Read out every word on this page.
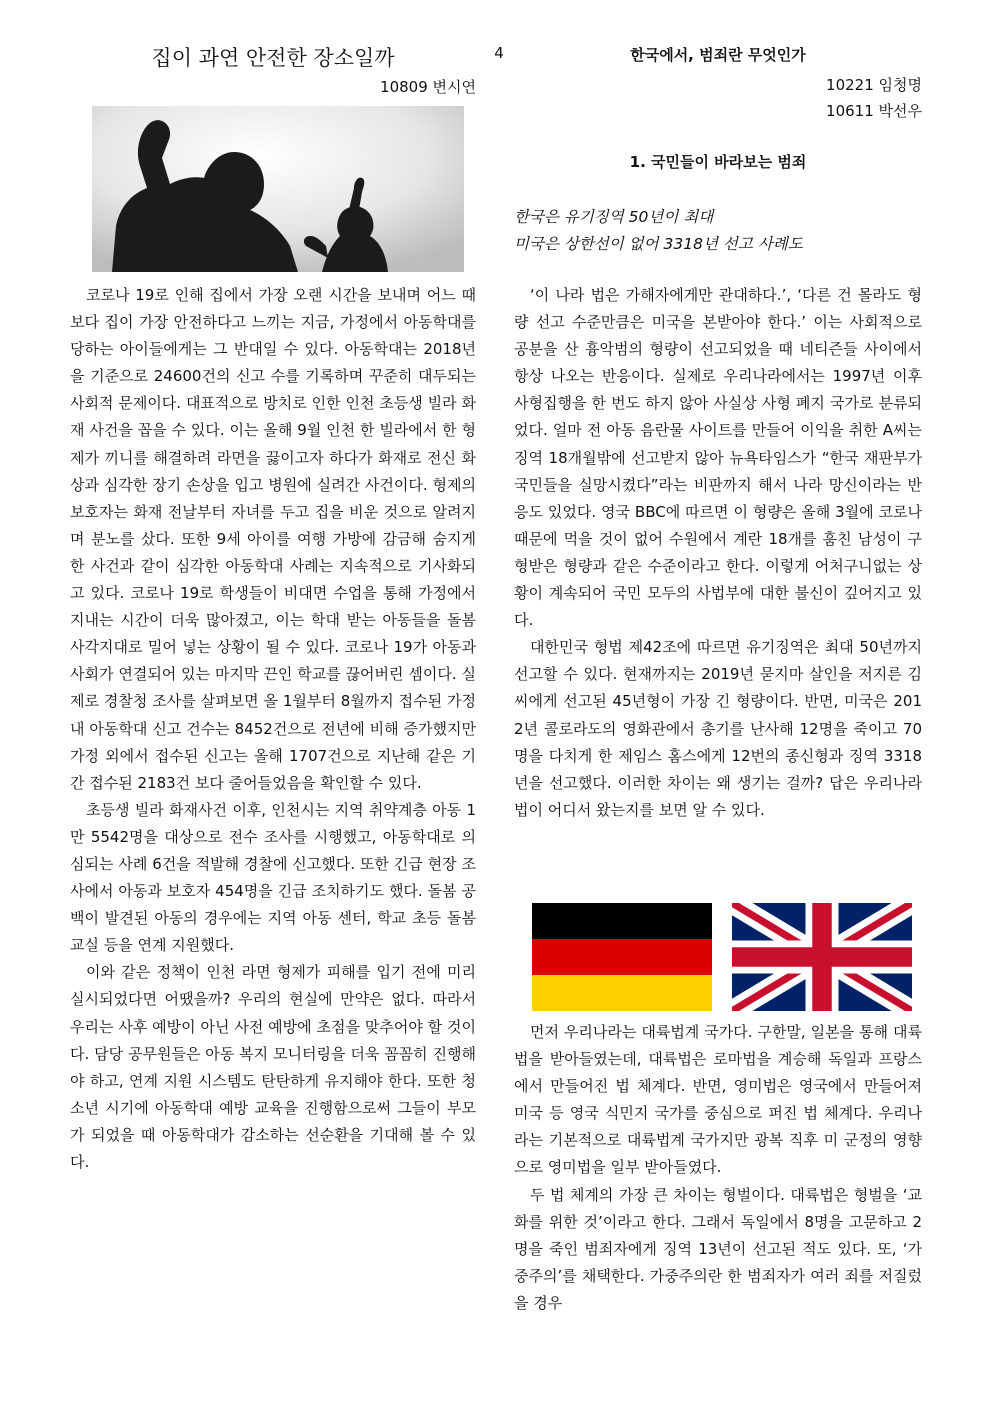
4
집이 과연 안전한 장소일까
10809 변시연

코로나 19로 인해 집에서 가장 오랜 시간을 보내며 어느 때보다 집이 가장 안전하다고 느끼는 지금, 가정에서 아동학대를 당하는 아이들에게는 그 반대일 수 있다. 아동학대는 2018년을 기준으로 24600건의 신고 수를 기록하며 꾸준히 대두되는 사회적 문제이다. 대표적으로 방치로 인한 인천 초등생 빌라 화재 사건을 꼽을 수 있다. 이는 올해 9월 인천 한 빌라에서 한 형제가 끼니를 해결하려 라면을 끓이고자 하다가 화재로 전신 화상과 심각한 장기 손상을 입고 병원에 실려간 사건이다. 형제의 보호자는 화재 전날부터 자녀를 두고 집을 비운 것으로 알려지며 분노를 샀다. 또한 9세 아이를 여행 가방에 감금해 숨지게 한 사건과 같이 심각한 아동학대 사례는 지속적으로 기사화되고 있다. 코로나 19로 학생들이 비대면 수업을 통해 가정에서 지내는 시간이 더욱 많아졌고, 이는 학대 받는 아동들을 돌봄 사각지대로 밀어 넣는 상황이 될 수 있다. 코로나 19가 아동과 사회가 연결되어 있는 마지막 끈인 학교를 끊어버린 셈이다. 실제로 경찰청 조사를 살펴보면 올 1월부터 8월까지 접수된 가정 내 아동학대 신고 건수는 8452건으로 전년에 비해 증가했지만 가정 외에서 접수된 신고는 올해 1707건으로 지난해 같은 기간 접수된 2183건 보다 줄어들었음을 확인할 수 있다.

초등생 빌라 화재사건 이후, 인천시는 지역 취약계층 아동 1만 5542명을 대상으로 전수 조사를 시행했고, 아동학대로 의심되는 사례 6건을 적발해 경찰에 신고했다. 또한 긴급 현장 조사에서 아동과 보호자 454명을 긴급 조치하기도 했다. 돌봄 공백이 발견된 아동의 경우에는 지역 아동 센터, 학교 초등 돌봄 교실 등을 연계 지원했다.

이와 같은 정책이 인천 라면 형제가 피해를 입기 전에 미리 실시되었다면 어땠을까? 우리의 현실에 만약은 없다. 따라서 우리는 사후 예방이 아닌 사전 예방에 초점을 맞추어야 할 것이다. 담당 공무원들은 아동 복지 모니터링을 더욱 꼼꼼히 진행해야 하고, 연계 지원 시스템도 탄탄하게 유지해야 한다. 또한 청소년 시기에 아동학대 예방 교육을 진행함으로써 그들이 부모가 되었을 때 아동학대가 감소하는 선순환을 기대해 볼 수 있다.

한국에서, 범죄란 무엇인가
10221 임청명
10611 박선우
1. 국민들이 바라보는 범죄
한국은 유기징역 50년이 최대
미국은 상한선이 없어 3318년 선고 사례도

‘이 나라 법은 가해자에게만 관대하다.’, ‘다른 건 몰라도 형량 선고 수준만큼은 미국을 본받아야 한다.’ 이는 사회적으로 공분을 산 흉악범의 형량이 선고되었을 때 네티즌들 사이에서 항상 나오는 반응이다. 실제로 우리나라에서는 1997년 이후 사형집행을 한 번도 하지 않아 사실상 사형 폐지 국가로 분류되었다. 얼마 전 아동 음란물 사이트를 만들어 이익을 취한 A씨는 징역 18개월밖에 선고받지 않아 뉴욕타임스가 “한국 재판부가 국민들을 실망시켰다”라는 비판까지 해서 나라 망신이라는 반응도 있었다. 영국 BBC에 따르면 이 형량은 올해 3월에 코로나 때문에 먹을 것이 없어 수원에서 계란 18개를 훔친 남성이 구형받은 형량과 같은 수준이라고 한다. 이렇게 어처구니없는 상황이 계속되어 국민 모두의 사법부에 대한 불신이 깊어지고 있다.

대한민국 형법 제42조에 따르면 유기징역은 최대 50년까지 선고할 수 있다. 현재까지는 2019년 묻지마 살인을 저지른 김씨에게 선고된 45년형이 가장 긴 형량이다. 반면, 미국은 2012년 콜로라도의 영화관에서 총기를 난사해 12명을 죽이고 70명을 다치게 한 제임스 홈스에게 12번의 종신형과 징역 3318년을 선고했다. 이러한 차이는 왜 생기는 걸까? 답은 우리나라 법이 어디서 왔는지를 보면 알 수 있다.

먼저 우리나라는 대륙법계 국가다. 구한말, 일본을 통해 대륙법을 받아들였는데, 대륙법은 로마법을 계승해 독일과 프랑스에서 만들어진 법 체계다. 반면, 영미법은 영국에서 만들어져 미국 등 영국 식민지 국가를 중심으로 퍼진 법 체계다. 우리나라는 기본적으로 대륙법계 국가지만 광복 직후 미 군정의 영향으로 영미법을 일부 받아들였다.

두 법 체계의 가장 큰 차이는 형벌이다. 대륙법은 형벌을 ‘교화를 위한 것’이라고 한다. 그래서 독일에서 8명을 고문하고 2명을 죽인 범죄자에게 징역 13년이 선고된 적도 있다. 또, ‘가중주의’를 채택한다. 가중주의란 한 범죄자가 여러 죄를 저질렀을 경우
